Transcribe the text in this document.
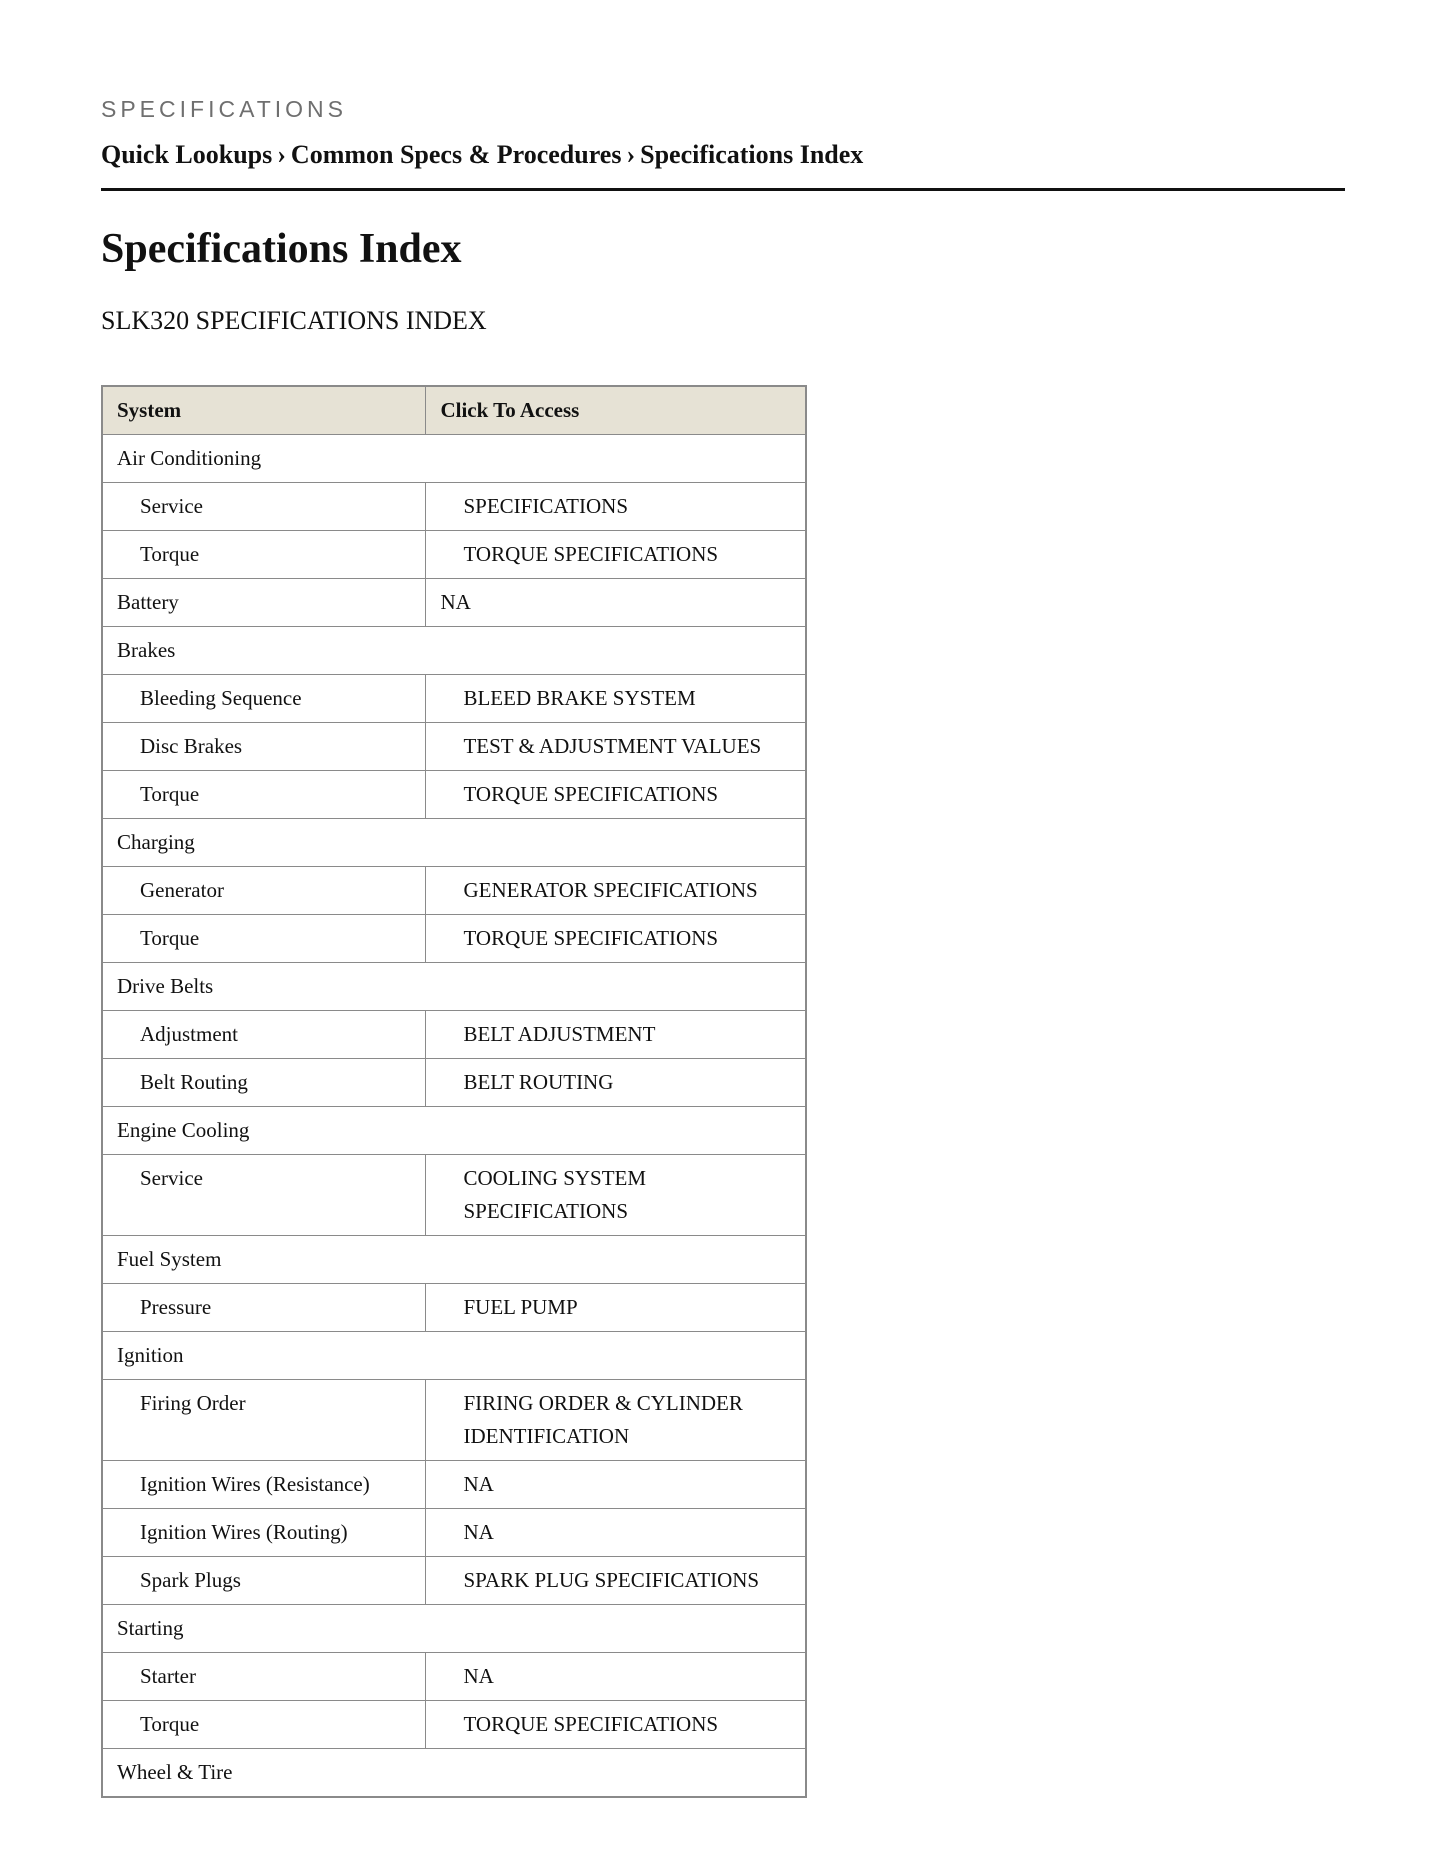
SPECIFICATIONS
Quick Lookups › Common Specs & Procedures › Specifications Index
Specifications Index
SLK320 SPECIFICATIONS INDEX
System	Click To Access
Air Conditioning	
Service	SPECIFICATIONS
Torque	TORQUE SPECIFICATIONS
Battery	NA
Brakes	
Bleeding Sequence	BLEED BRAKE SYSTEM
Disc Brakes	TEST & ADJUSTMENT VALUES
Torque	TORQUE SPECIFICATIONS
Charging	
Generator	GENERATOR SPECIFICATIONS
Torque	TORQUE SPECIFICATIONS
Drive Belts	
Adjustment	BELT ADJUSTMENT
Belt Routing	BELT ROUTING
Engine Cooling	
Service	COOLING SYSTEM SPECIFICATIONS
Fuel System	
Pressure	FUEL PUMP
Ignition	
Firing Order	FIRING ORDER & CYLINDER IDENTIFICATION
Ignition Wires (Resistance)	NA
Ignition Wires (Routing)	NA
Spark Plugs	SPARK PLUG SPECIFICATIONS
Starting	
Starter	NA
Torque	TORQUE SPECIFICATIONS
Wheel & Tire	
